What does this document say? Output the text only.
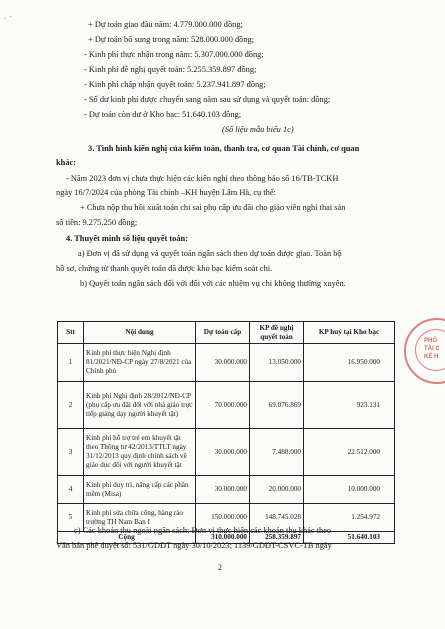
. ·
+ Dự toán giao đầu năm: 4.779.000.000 đồng;
+ Dự toán bổ sung trong năm: 528.000.000 đồng;
- Kinh phí thực nhận trong năm: 5.307.000.000 đồng;
- Kinh phí đề nghị quyết toán: 5.255.359.897 đồng;
- Kinh phí chấp nhận quyết toán: 5.237.941.897 đồng;
- Số dư kinh phí được chuyển sang năm sau sử dụng và quyết toán: đồng;
- Dự toán còn dư ở Kho bạc: 51.640.103 đồng;
(Số liệu mẫu biểu 1c)
3. Tình hình kiến nghị của kiểm toán, thanh tra, cơ quan Tài chính, cơ quan
khác:
- Năm 2023 đơn vị chưa thực hiện các kiến nghị theo thông báo số 16/TB-TCKH
ngày 16/7/2024 của phòng Tài chính –KH huyện Lâm Hà, cụ thể:
+ Chưa nộp thu hồi xuất toán chi sai phụ cấp ưu đãi cho giáo viên nghỉ thai sản
số tiền: 9.275.250 đồng;
4. Thuyết minh số liệu quyết toán:
a) Đơn vị đã sử dụng và quyết toán ngân sách theo dự toán được giao. Toàn bộ
hồ sơ, chứng từ thanh quyết toán đã được kho bạc kiểm soát chi.
b) Quyết toán ngân sách đối với đối với các nhiệm vụ chi không thường xuyên.
Stt	Nội dung	Dự toán cấp	KP đề nghị quyết toán	KP huỷ tại Kho bạc
1	Kinh phí thực hiện Nghị định 81/2021/NĐ-CP ngày 27/8/2021 của Chính phủ	30.000.000	13.050.000	16.950.000
2	Kinh phí Nghị định 28/2012/NĐ-CP (phụ cấp ưu đãi đối với nhà giáo trực tiếp giảng dạy người khuyết tật)	70.000.000	69.076.869	923.131
3	Kinh phí hỗ trợ trẻ em khuyết tật theo Thông tư 42/2013/TTLT ngày 31/12/2013 quy định chính sách về giáo dục đối với người khuyết tật	30.000.000	7.488.000	22.512.000
4	Kinh phí duy trì, nâng cấp các phần mềm (Misa)	30.000.000	20.000.000	10.000.000
5	Kinh phí sửa chữa cổng, hàng rào trường TH Nam Ban I	150.000.000	148.745.028	1.254.972
Cộng		310.000.000	258.359.897	51.640.103
PHÒ
TÀI C
KẾ H
c) Các khoản thu ngoài ngân sách: Đơn vị thực hiện các khoản thu khác theo
Văn bản phê duyệt số: 531/GDĐT ngày 30/10/2023; 1139/GDĐT-CSVC-TB ngày
2
